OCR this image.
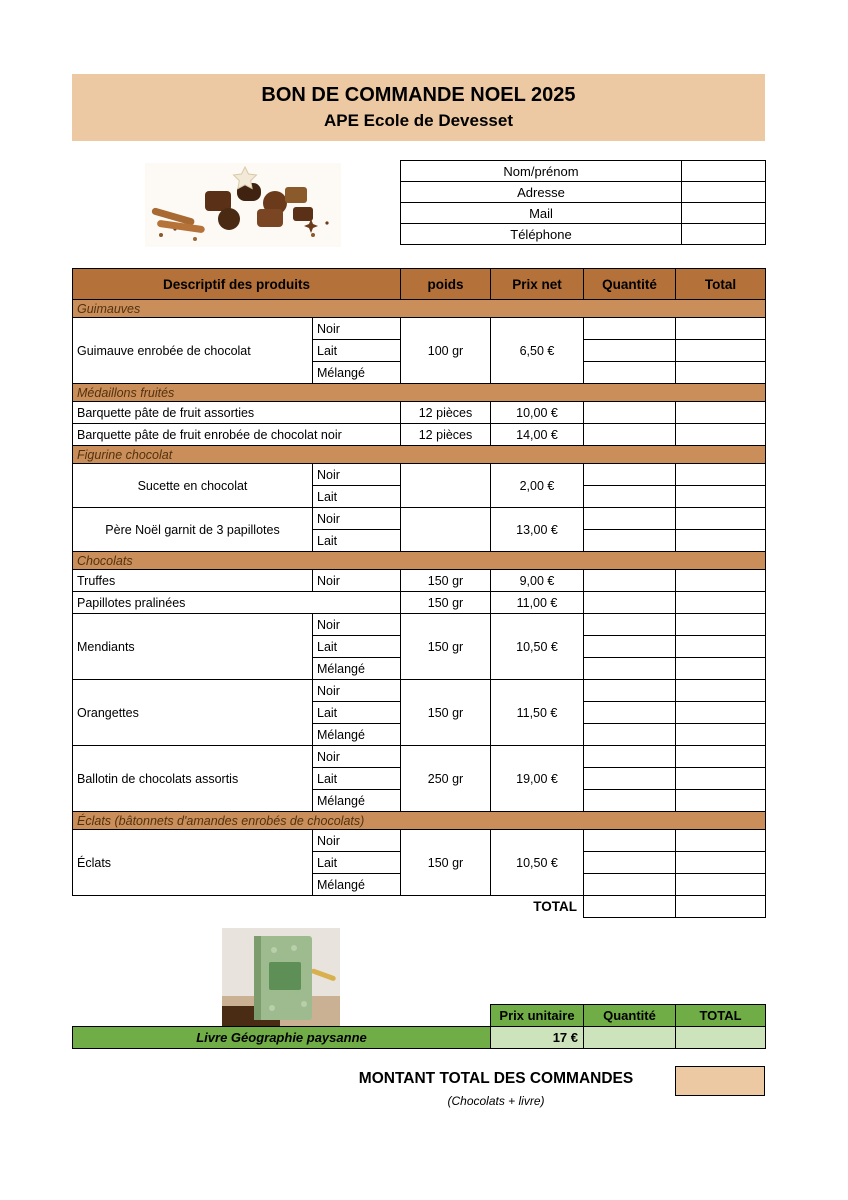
BON DE COMMANDE NOEL 2025
APE Ecole de Devesset
Nom/prénom	
Adresse	
Mail	
Téléphone	
Descriptif des produits		poids	Prix net	Quantité	Total
Guimauves					
Guimauve enrobée de chocolat	Noir	100 gr	6,50 €		
	Lait				
	Mélangé				
Médaillons fruités					
Barquette pâte de fruit assorties		12 pièces	10,00 €		
Barquette pâte de fruit enrobée de chocolat noir		12 pièces	14,00 €		
Figurine chocolat					
Sucette en chocolat	Noir		2,00 €		
	Lait				
Père Noël garnit de 3 papillotes	Noir		13,00 €		
	Lait				
Chocolats					
Truffes	Noir	150 gr	9,00 €		
Papillotes pralinées		150 gr	11,00 €		
Mendiants	Noir	150 gr	10,50 €		
	Lait				
	Mélangé				
Orangettes	Noir	150 gr	11,50 €		
	Lait				
	Mélangé				
Ballotin de chocolats assortis	Noir	250 gr	19,00 €		
	Lait				
	Mélangé				
Éclats (bâtonnets d'amandes enrobés de chocolats)					
Éclats	Noir	150 gr	10,50 €		
	Lait				
	Mélangé				
TOTAL					
	Prix unitaire	Quantité	TOTAL
Livre Géographie paysanne	17 €		
MONTANT TOTAL DES COMMANDES
(Chocolats + livre)
